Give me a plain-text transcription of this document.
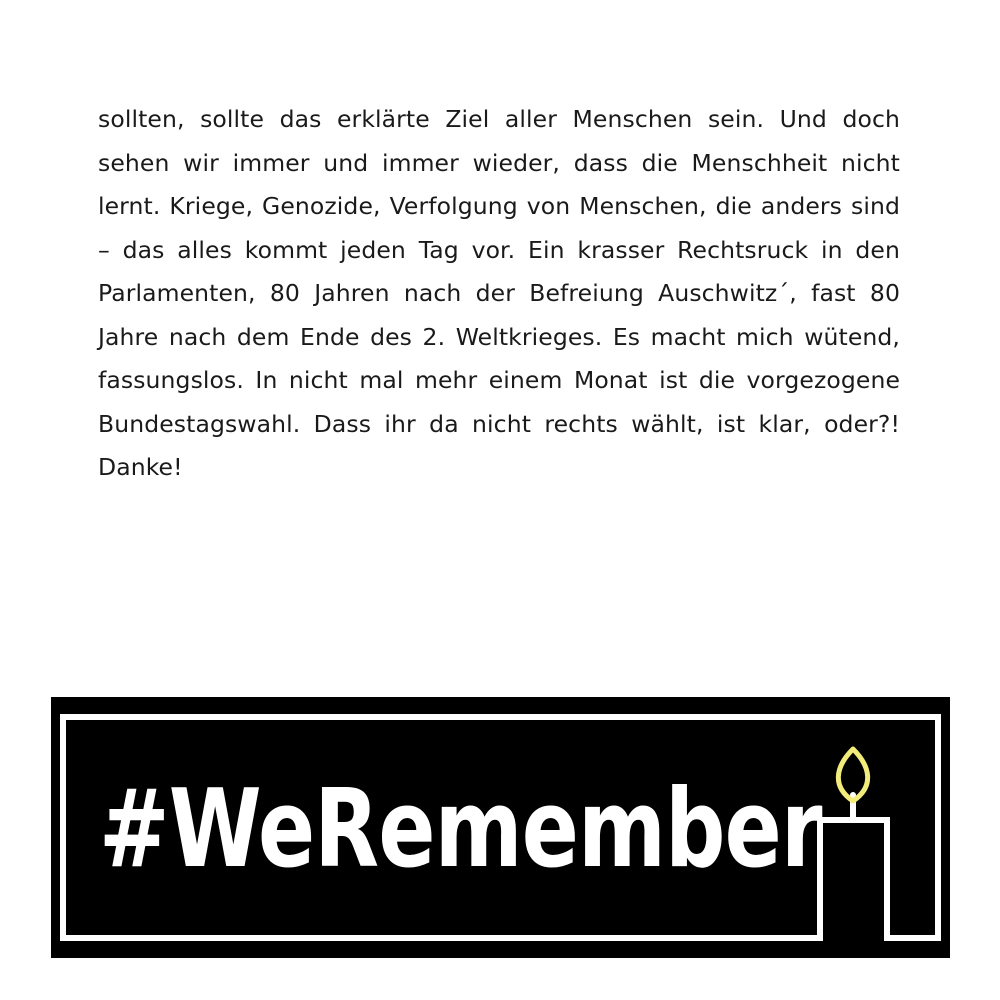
sollten, sollte das erklärte Ziel aller Menschen sein. Und doch sehen wir immer und immer wieder, dass die Menschheit nicht lernt. Kriege, Genozide, Verfolgung von Menschen, die anders sind – das alles kommt jeden Tag vor. Ein krasser Rechtsruck in den Parlamenten, 80 Jahren nach der Befreiung Auschwitz´, fast 80 Jahre nach dem Ende des 2. Weltkrieges. Es macht mich wütend, fassungslos. In nicht mal mehr einem Monat ist die vorgezogene Bundestagswahl. Dass ihr da nicht rechts wählt, ist klar, oder?! Danke!

#WeRemember
